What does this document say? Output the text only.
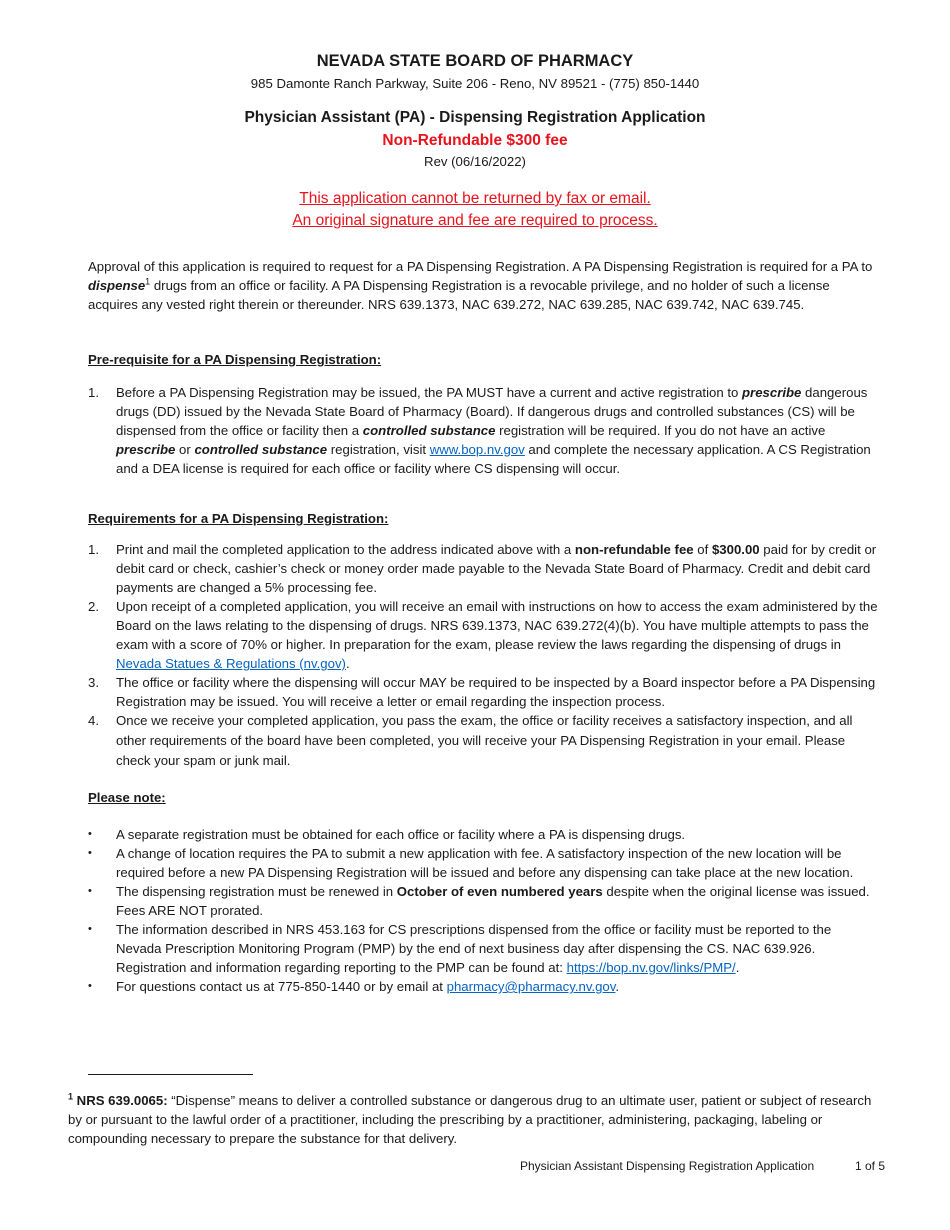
NEVADA STATE BOARD OF PHARMACY
985 Damonte Ranch Parkway, Suite 206 - Reno, NV 89521 - (775) 850-1440
Physician Assistant (PA) - Dispensing Registration Application
Non-Refundable $300 fee
Rev (06/16/2022)
This application cannot be returned by fax or email.
An original signature and fee are required to process.

Approval of this application is required to request for a PA Dispensing Registration. A PA Dispensing Registration is required for a PA to dispense$^1$ drugs from an office or facility. A PA Dispensing Registration is a revocable privilege, and no holder of such a license acquires any vested right therein or thereunder. NRS 639.1373, NAC 639.272, NAC 639.285, NAC 639.742, NAC 639.745.

Pre-requisite for a PA Dispensing Registration:
1. Before a PA Dispensing Registration may be issued, the PA MUST have a current and active registration to prescribe dangerous drugs (DD) issued by the Nevada State Board of Pharmacy (Board). If dangerous drugs and controlled substances (CS) will be dispensed from the office or facility then a controlled substance registration will be required. If you do not have an active prescribe or controlled substance registration, visit www.bop.nv.gov and complete the necessary application. A CS Registration and a DEA license is required for each office or facility where CS dispensing will occur.
Requirements for a PA Dispensing Registration:
1. Print and mail the completed application to the address indicated above with a non-refundable fee of $300.00 paid for by credit or debit card or check, cashier’s check or money order made payable to the Nevada State Board of Pharmacy. Credit and debit card payments are changed a 5% processing fee.
2. Upon receipt of a completed application, you will receive an email with instructions on how to access the exam administered by the Board on the laws relating to the dispensing of drugs. NRS 639.1373, NAC 639.272(4)(b). You have multiple attempts to pass the exam with a score of 70% or higher. In preparation for the exam, please review the laws regarding the dispensing of drugs in Nevada Statues & Regulations (nv.gov).
3. The office or facility where the dispensing will occur MAY be required to be inspected by a Board inspector before a PA Dispensing Registration may be issued. You will receive a letter or email regarding the inspection process.
4. Once we receive your completed application, you pass the exam, the office or facility receives a satisfactory inspection, and all other requirements of the board have been completed, you will receive your PA Dispensing Registration in your email. Please check your spam or junk mail.
Please note:
• A separate registration must be obtained for each office or facility where a PA is dispensing drugs.
• A change of location requires the PA to submit a new application with fee. A satisfactory inspection of the new location will be required before a new PA Dispensing Registration will be issued and before any dispensing can take place at the new location.
• The dispensing registration must be renewed in October of even numbered years despite when the original license was issued. Fees ARE NOT prorated.
• The information described in NRS 453.163 for CS prescriptions dispensed from the office or facility must be reported to the Nevada Prescription Monitoring Program (PMP) by the end of next business day after dispensing the CS. NAC 639.926. Registration and information regarding reporting to the PMP can be found at: https://bop.nv.gov/links/PMP/.
• For questions contact us at 775-850-1440 or by email at pharmacy@pharmacy.nv.gov.

$^1$ NRS 639.0065: “Dispense” means to deliver a controlled substance or dangerous drug to an ultimate user, patient or subject of research by or pursuant to the lawful order of a practitioner, including the prescribing by a practitioner, administering, packaging, labeling or compounding necessary to prepare the substance for that delivery.

Physician Assistant Dispensing Registration Application	1 of 5
